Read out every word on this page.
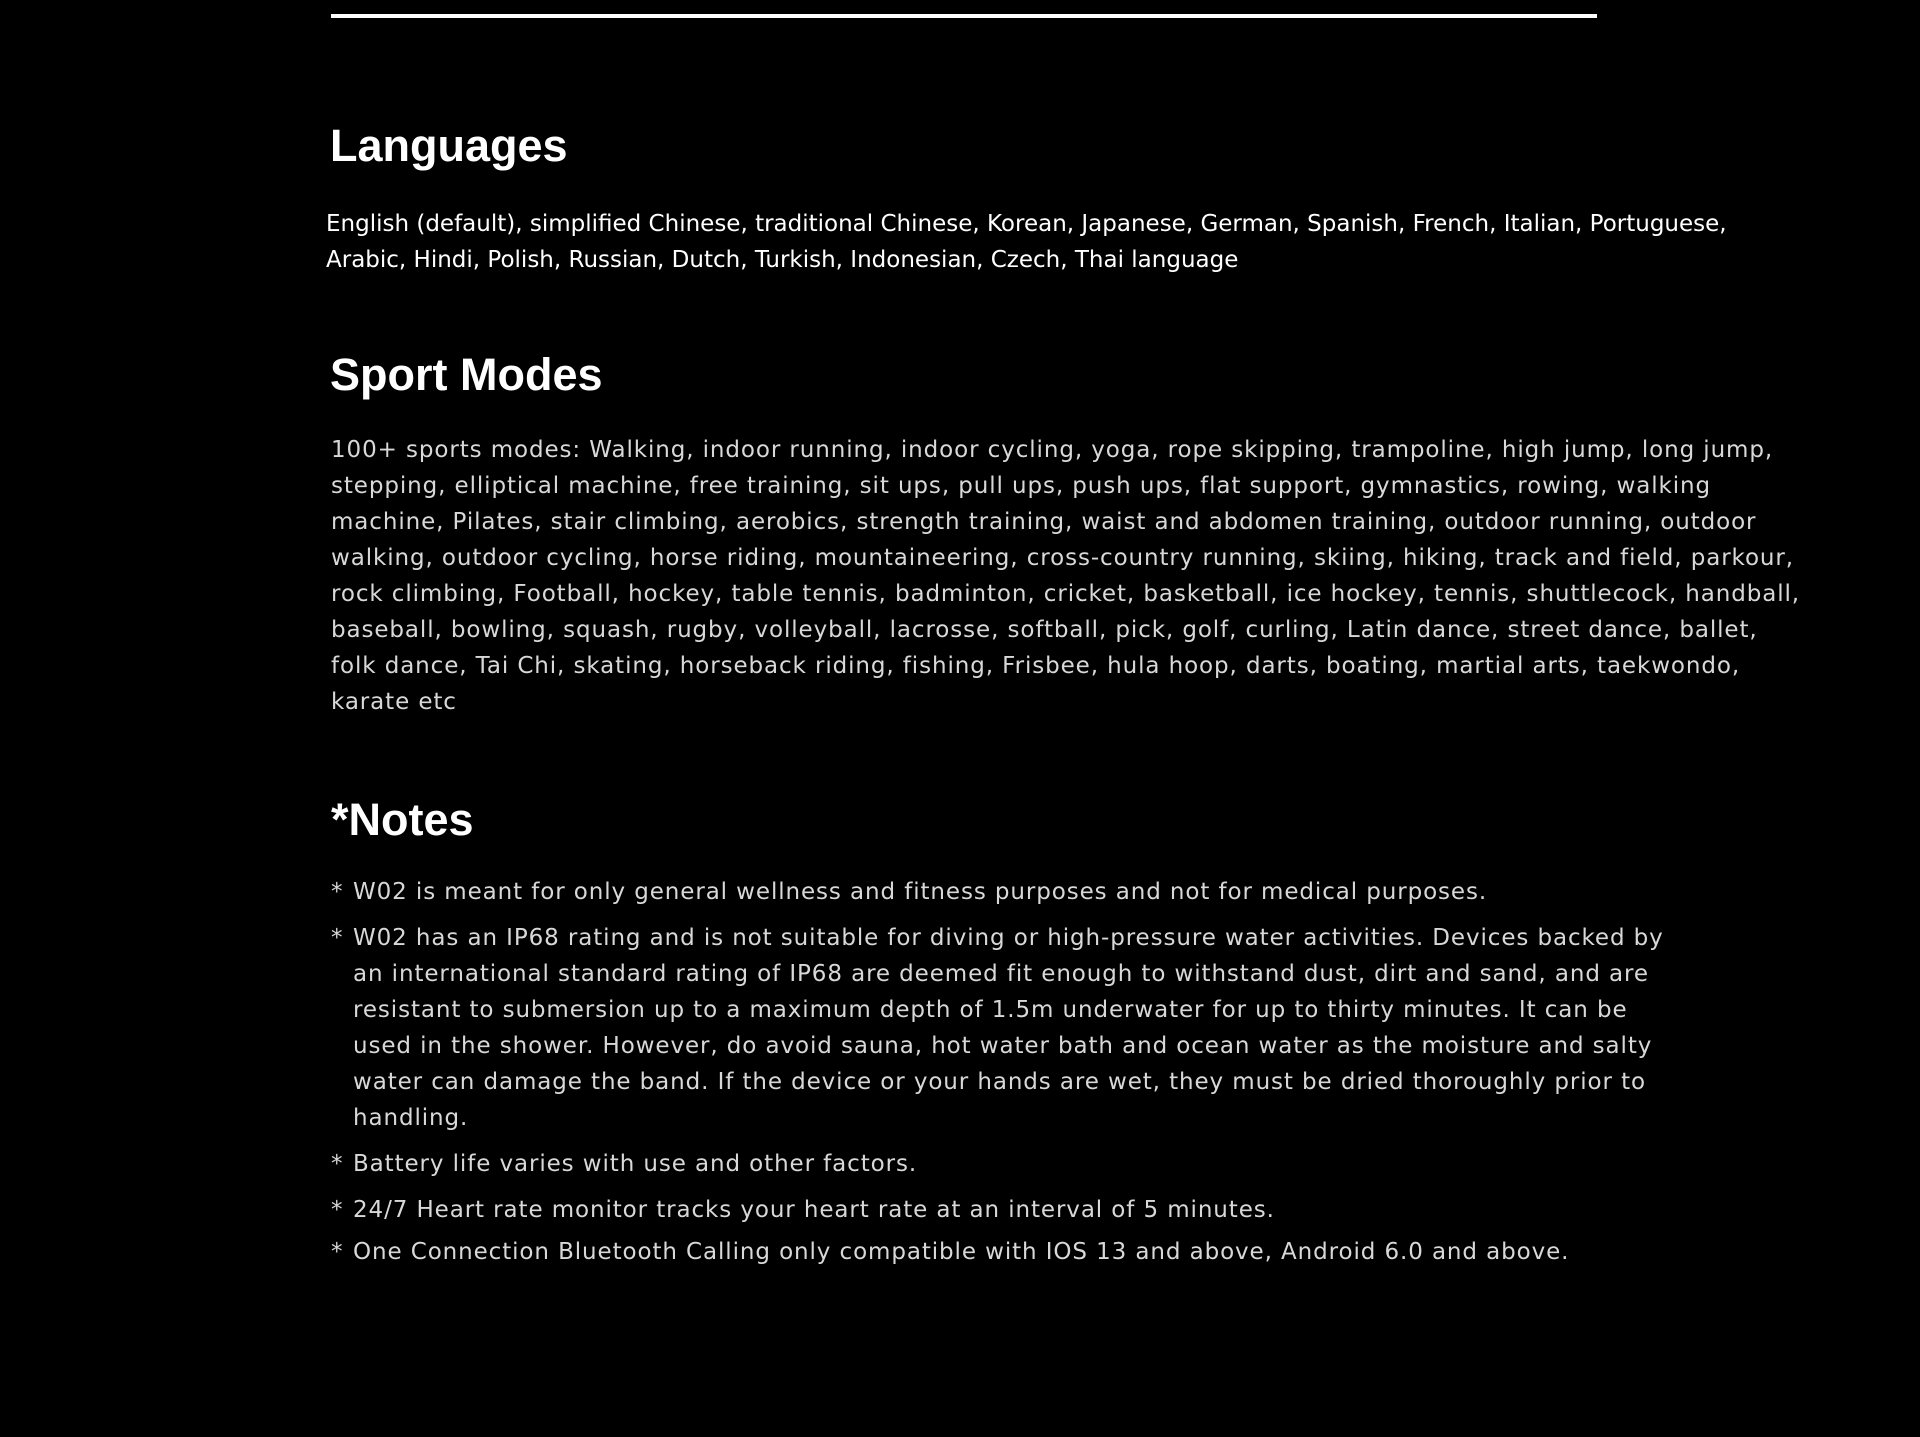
Languages

English (default), simplified Chinese, traditional Chinese, Korean, Japanese, German, Spanish, French, Italian, Portuguese, Arabic, Hindi, Polish, Russian, Dutch, Turkish, Indonesian, Czech, Thai language

Sport Modes

100+ sports modes: Walking, indoor running, indoor cycling, yoga, rope skipping, trampoline, high jump, long jump, stepping, elliptical machine, free training, sit ups, pull ups, push ups, flat support, gymnastics, rowing, walking machine, Pilates, stair climbing, aerobics, strength training, waist and abdomen training, outdoor running, outdoor walking, outdoor cycling, horse riding, mountaineering, cross-country running, skiing, hiking, track and field, parkour, rock climbing, Football, hockey, table tennis, badminton, cricket, basketball, ice hockey, tennis, shuttlecock, handball, baseball, bowling, squash, rugby, volleyball, lacrosse, softball, pick, golf, curling, Latin dance, street dance, ballet, folk dance, Tai Chi, skating, horseback riding, fishing, Frisbee, hula hoop, darts, boating, martial arts, taekwondo, karate etc

*Notes
* W02 is meant for only general wellness and fitness purposes and not for medical purposes.
* W02 has an IP68 rating and is not suitable for diving or high-pressure water activities. Devices backed by an international standard rating of IP68 are deemed fit enough to withstand dust, dirt and sand, and are resistant to submersion up to a maximum depth of 1.5m underwater for up to thirty minutes. It can be used in the shower. However, do avoid sauna, hot water bath and ocean water as the moisture and salty water can damage the band. If the device or your hands are wet, they must be dried thoroughly prior to handling.
* Battery life varies with use and other factors.
* 24/7 Heart rate monitor tracks your heart rate at an interval of 5 minutes.
* One Connection Bluetooth Calling only compatible with IOS 13 and above, Android 6.0 and above.
